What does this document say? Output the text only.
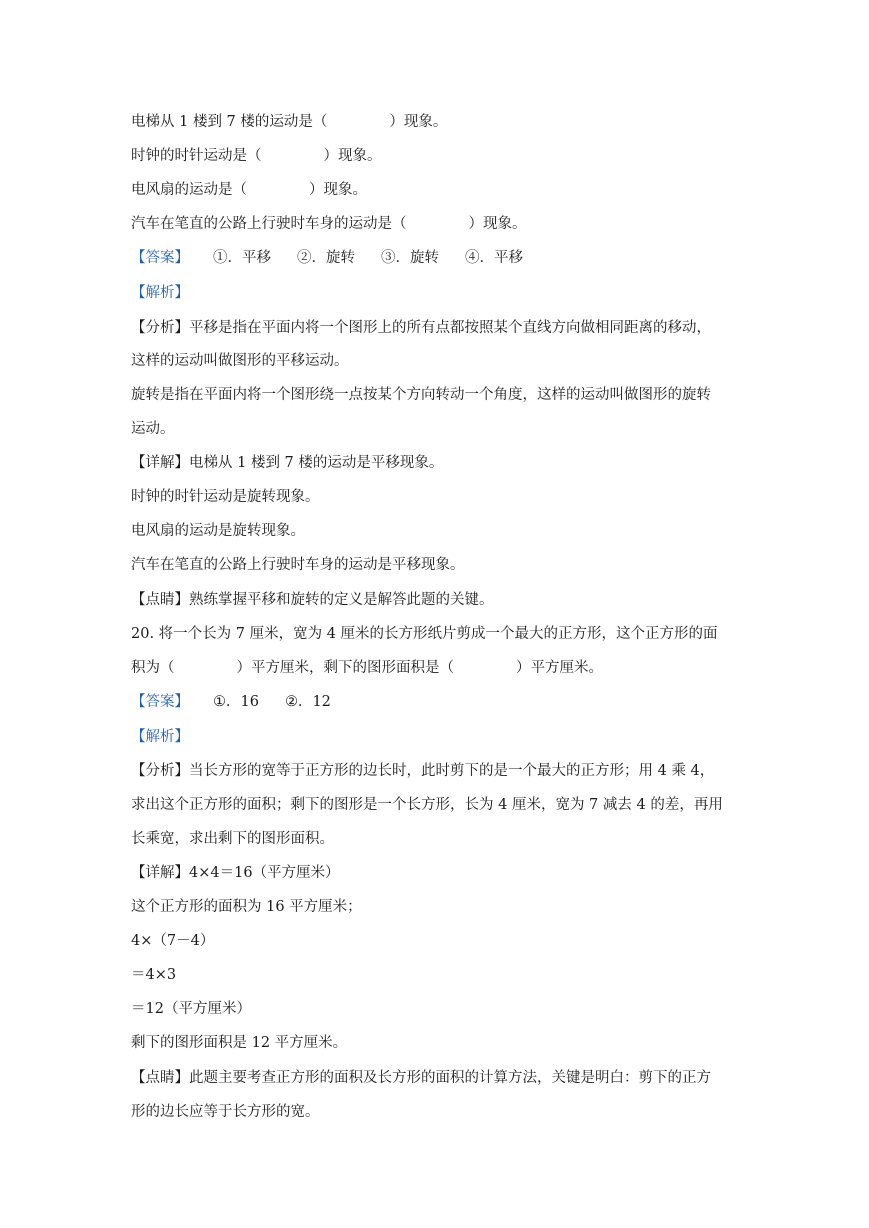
电梯从 1 楼到 7 楼的运动是（	）现象。
时钟的时针运动是（	）现象。
电风扇的运动是（	）现象。
汽车在笔直的公路上行驶时车身的运动是（	）现象。
【答案】 ①．平移 ②．旋转 ③．旋转 ④．平移
【解析】
【分析】平移是指在平面内将一个图形上的所有点都按照某个直线方向做相同距离的移动，
这样的运动叫做图形的平移运动。
旋转是指在平面内将一个图形绕一点按某个方向转动一个角度，这样的运动叫做图形的旋转
运动。
【详解】电梯从 1 楼到 7 楼的运动是平移现象。
时钟的时针运动是旋转现象。
电风扇的运动是旋转现象。
汽车在笔直的公路上行驶时车身的运动是平移现象。
【点睛】熟练掌握平移和旋转的定义是解答此题的关键。
20. 将一个长为 7 厘米，宽为 4 厘米的长方形纸片剪成一个最大的正方形，这个正方形的面
积为（	）平方厘米，剩下的图形面积是（	）平方厘米。
【答案】 ①．16 ②．12
【解析】
【分析】当长方形的宽等于正方形的边长时，此时剪下的是一个最大的正方形；用 4 乘 4，
求出这个正方形的面积；剩下的图形是一个长方形，长为 4 厘米，宽为 7 减去 4 的差，再用
长乘宽，求出剩下的图形面积。
【详解】4×4＝16（平方厘米）
这个正方形的面积为 16 平方厘米；
4×（7－4）
＝4×3
＝12（平方厘米）
剩下的图形面积是 12 平方厘米。
【点睛】此题主要考查正方形的面积及长方形的面积的计算方法，关键是明白：剪下的正方
形的边长应等于长方形的宽。
